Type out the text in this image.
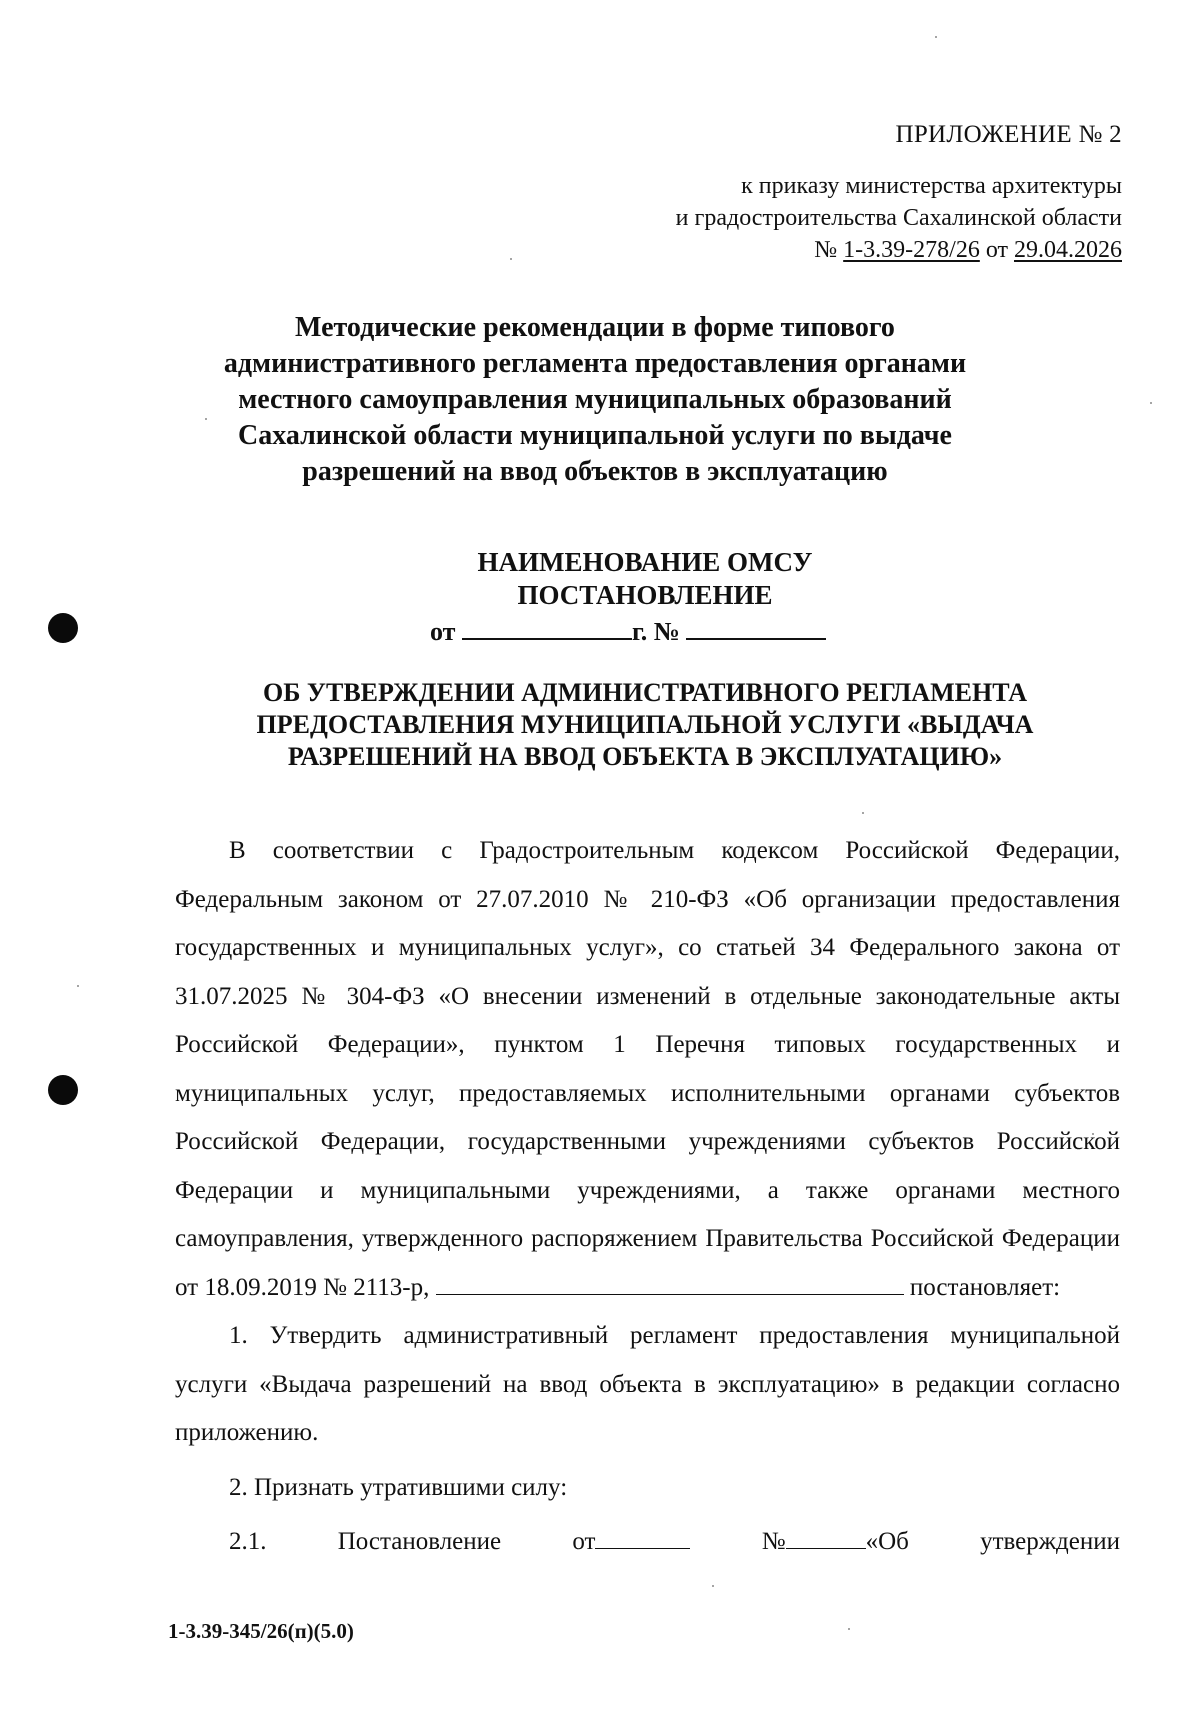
ПРИЛОЖЕНИЕ № 2
к приказу министерства архитектуры
и градостроительства Сахалинской области
№ 1-3.39-278/26 от 29.04.2026
Методические рекомендации в форме типового административного регламента предоставления органами местного самоуправления муниципальных образований Сахалинской области муниципальной услуги по выдаче разрешений на ввод объектов в эксплуатацию
НАИМЕНОВАНИЕ ОМСУ
ПОСТАНОВЛЕНИЕ
от	г. №
ОБ УТВЕРЖДЕНИИ АДМИНИСТРАТИВНОГО РЕГЛАМЕНТА ПРЕДОСТАВЛЕНИЯ МУНИЦИПАЛЬНОЙ УСЛУГИ «ВЫДАЧА РАЗРЕШЕНИЙ НА ВВОД ОБЪЕКТА В ЭКСПЛУАТАЦИЮ»

В соответствии с Градостроительным кодексом Российской Федерации, Федеральным законом от 27.07.2010 № 210-ФЗ «Об организации предоставления государственных и муниципальных услуг», со статьей 34 Федерального закона от 31.07.2025 № 304-ФЗ «О внесении изменений в отдельные законодательные акты Российской Федерации», пунктом 1 Перечня типовых государственных и муниципальных услуг, предоставляемых исполнительными органами субъектов Российской Федерации, государственными учреждениями субъектов Российской Федерации и муниципальными учреждениями, а также органами местного самоуправления, утвержденного распоряжением Правительства Российской Федерации от 18.09.2019 № 2113-р,	постановляет:

1. Утвердить административный регламент предоставления муниципальной услуги «Выдача разрешений на ввод объекта в эксплуатацию» в редакции согласно приложению.

2. Признать утратившими силу:

2.1.	Постановление	от	№	«Об	утверждении

1-3.39-345/26(п)(5.0)
